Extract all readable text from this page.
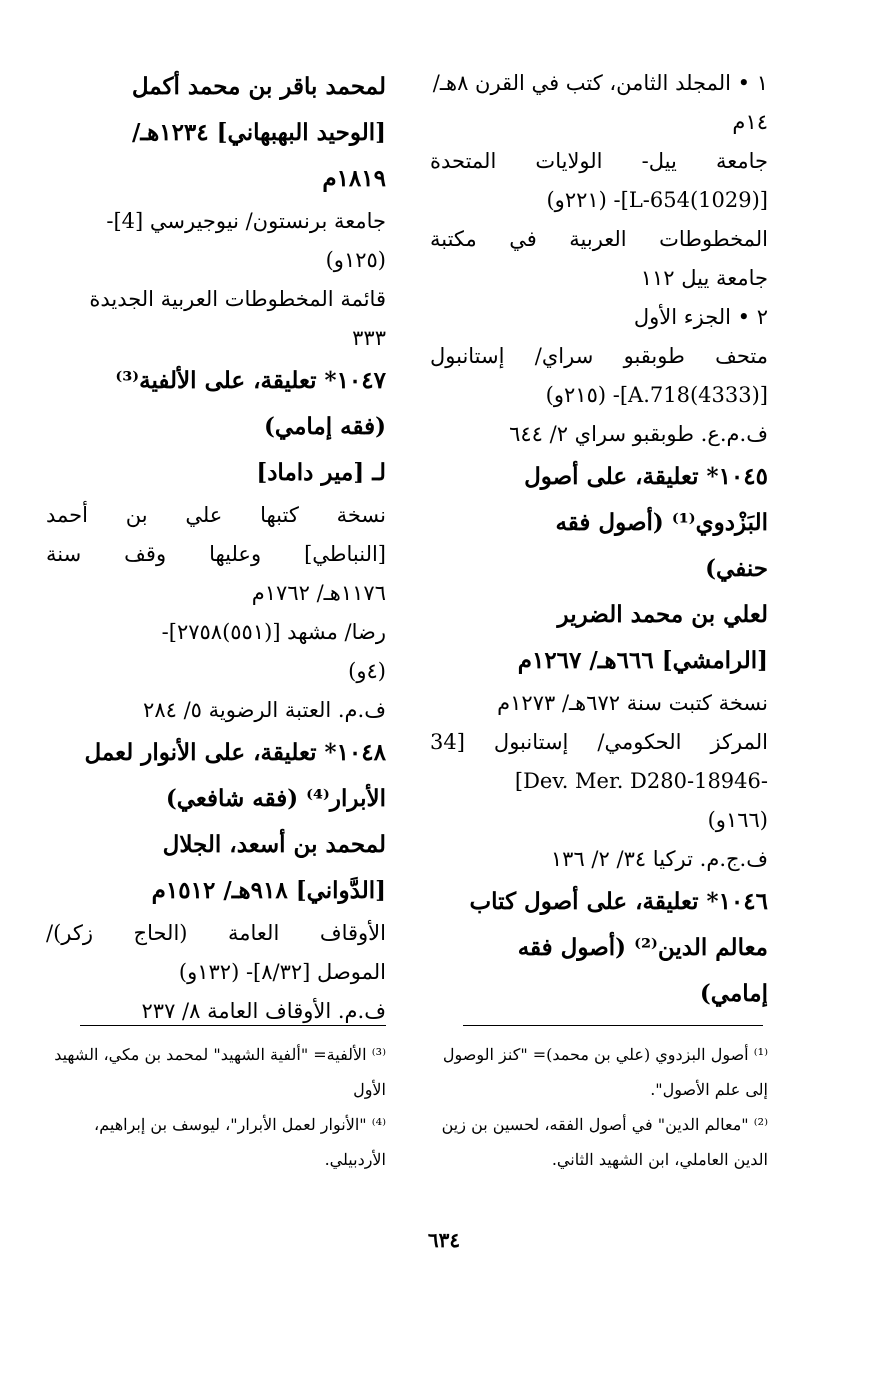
١ • المجلد الثامن، كتب في القرن ٨هـ/
١٤م
جامعة ييل- الولايات المتحدة
[L-654(1029)]- (٢٢١و)
المخطوطات العربية في مكتبة
جامعة ييل ١١٢
٢ • الجزء الأول
متحف طوبقبو سراي/ إستانبول
[A.718(4333)]- (٢١٥و)
ف.م.ع. طوبقبو سراي ٢/ ٦٤٤
١٠٤٥* تعليقة، على أصول
البَزْدوي⁽¹⁾ (أصول فقه
حنفي)
لعلي بن محمد الضرير
[الرامشي] ٦٦٦هـ/ ١٢٦٧م
نسخة كتبت سنة ٦٧٢هـ/ ١٢٧٣م
المركز الحكومي/ إستانبول [34
-Dev. Mer. D280-18946]
(١٦٦و)
ف.ج.م. تركيا ٣٤/ ٢/ ١٣٦
١٠٤٦* تعليقة، على أصول كتاب
معالم الدين⁽²⁾ (أصول فقه
إمامي)
لمحمد باقر بن محمد أكمل
[الوحيد البهبهاني] ١٢٣٤هـ/
١٨١٩م
جامعة برنستون/ نيوجيرسي [4]-
(١٢٥و)
قائمة المخطوطات العربية الجديدة
٣٣٣
١٠٤٧* تعليقة، على الألفية⁽³⁾
(فقه إمامي)
لـ [مير داماد]
نسخة كتبها علي بن أحمد
[النباطي] وعليها وقف سنة
١١٧٦هـ/ ١٧٦٢م
رضا/ مشهد [(٥٥١)٢٧٥٨]-
(٤و)
ف.م. العتبة الرضوية ٥/ ٢٨٤
١٠٤٨* تعليقة، على الأنوار لعمل
الأبرار⁽⁴⁾ (فقه شافعي)
لمحمد بن أسعد، الجلال
[الدَّواني] ٩١٨هـ/ ١٥١٢م
الأوقاف العامة (الحاج زكر)/
الموصل [٨/٣٢]- (١٣٢و)
ف.م. الأوقاف العامة ٨/ ٢٣٧
⁽¹⁾ أصول البزدوي (علي بن محمد)= "كنز الوصول
إلى علم الأصول".
⁽²⁾ "معالم الدين" في أصول الفقه، لحسين بن زين
الدين العاملي، ابن الشهيد الثاني.
⁽³⁾ الألفية= "ألفية الشهيد" لمحمد بن مكي، الشهيد
الأول
⁽⁴⁾ "الأنوار لعمل الأبرار"، ليوسف بن إبراهيم،
الأردبيلي.
٦٣٤
